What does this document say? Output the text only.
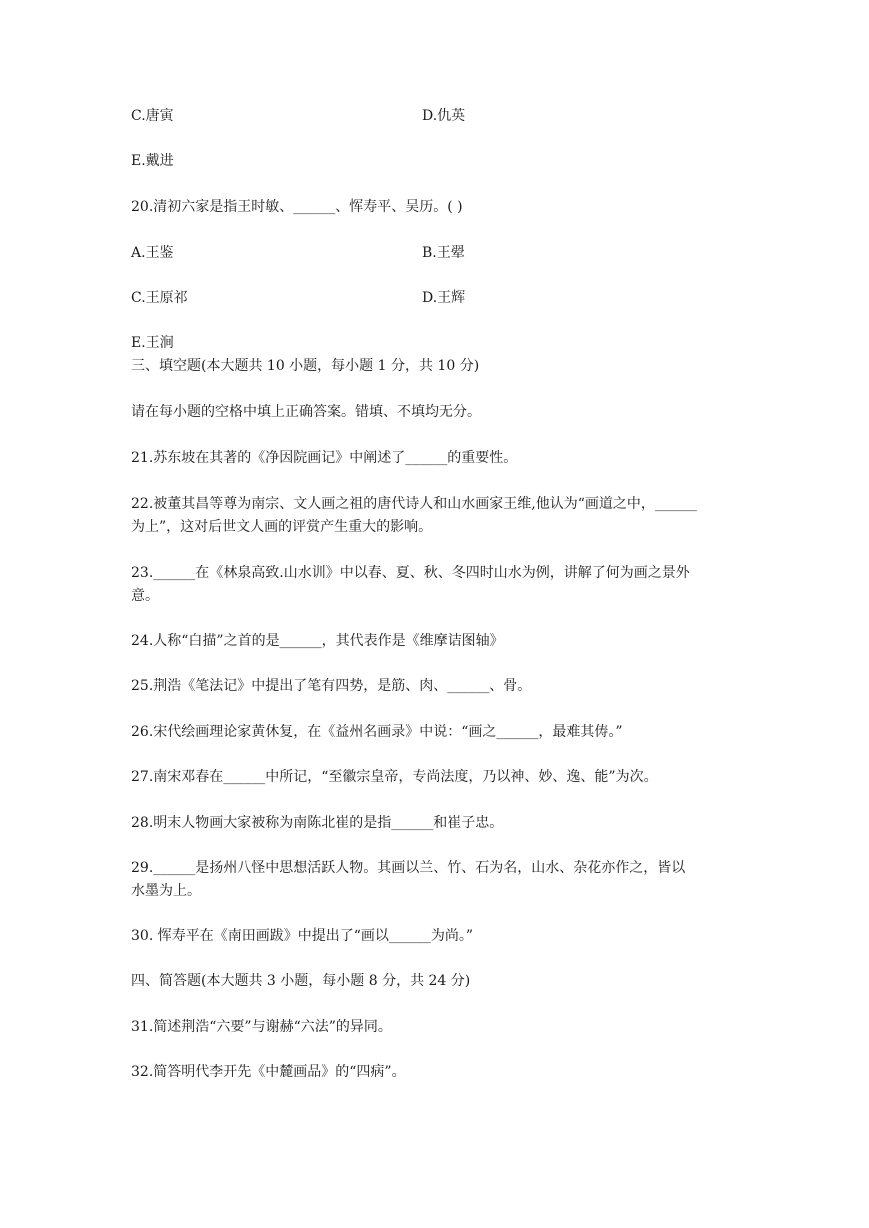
C.唐寅	D.仇英
E.戴进
20.清初六家是指王时敏、______、恽寿平、吴历。( )
A.王鉴	B.王翚
C.王原祁	D.王辉
E.王涧
三、填空题(本大题共 10 小题，每小题 1 分，共 10 分)
请在每小题的空格中填上正确答案。错填、不填均无分。
21.苏东坡在其著的《净因院画记》中阐述了______的重要性。
22.被董其昌等尊为南宗、文人画之祖的唐代诗人和山水画家王维,他认为“画道之中，______
为上”，这对后世文人画的评赏产生重大的影响。
23.______在《林泉高致.山水训》中以春、夏、秋、冬四时山水为例，讲解了何为画之景外
意。
24.人称“白描”之首的是______，其代表作是《维摩诘图轴》
25.荆浩《笔法记》中提出了笔有四势，是筋、肉、______、骨。
26.宋代绘画理论家黄休复，在《益州名画录》中说：“画之______，最难其俦。”
27.南宋邓春在______中所记，“至徽宗皇帝，专尚法度，乃以神、妙、逸、能”为次。
28.明末人物画大家被称为南陈北崔的是指______和崔子忠。
29.______是扬州八怪中思想活跃人物。其画以兰、竹、石为名，山水、杂花亦作之，皆以
水墨为上。
30. 恽寿平在《南田画跋》中提出了“画以______为尚。”
四、简答题(本大题共 3 小题，每小题 8 分，共 24 分)
31.简述荆浩“六要”与谢赫“六法”的异同。
32.简答明代李开先《中麓画品》的“四病”。
